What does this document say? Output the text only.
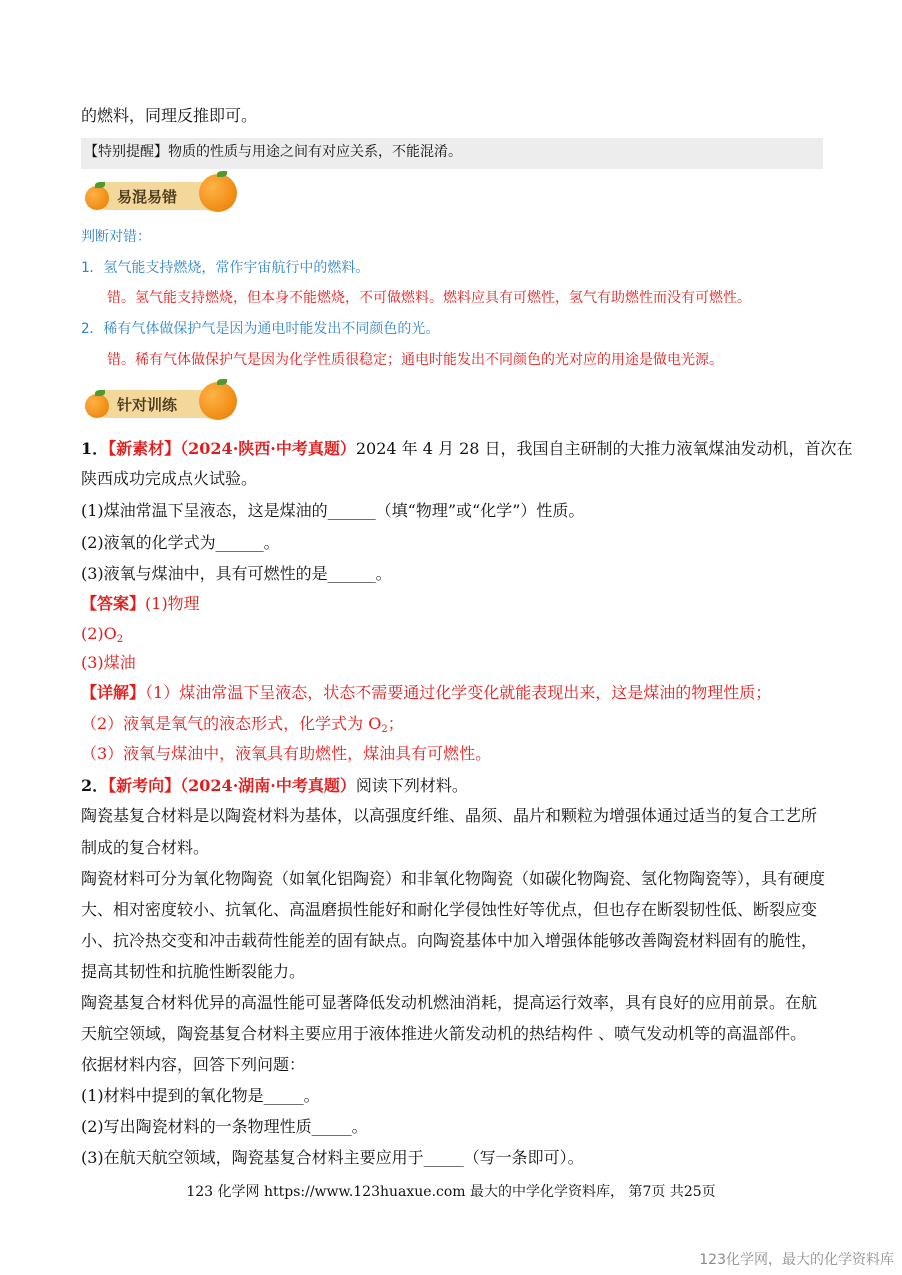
的燃料，同理反推即可。
【特别提醒】物质的性质与用途之间有对应关系，不能混淆。
易混易错
判断对错：
1．氢气能支持燃烧，常作宇宙航行中的燃料。
错。氢气能支持燃烧，但本身不能燃烧，不可做燃料。燃料应具有可燃性，氢气有助燃性而没有可燃性。
2．稀有气体做保护气是因为通电时能发出不同颜色的光。
错。稀有气体做保护气是因为化学性质很稳定；通电时能发出不同颜色的光对应的用途是做电光源。
针对训练
1．【新素材】（2024·陕西·中考真题）2024 年 4 月 28 日，我国自主研制的大推力液氧煤油发动机，首次在
陕西成功完成点火试验。
(1)煤油常温下呈液态，这是煤油的______（填“物理”或“化学”）性质。
(2)液氧的化学式为______。
(3)液氧与煤油中，具有可燃性的是______。
【答案】(1)物理
$(2)O_2$
(3)煤油
【详解】（1）煤油常温下呈液态，状态不需要通过化学变化就能表现出来，这是煤油的物理性质；
（2）液氧是氧气的液态形式，化学式为 $O_2$；
（3）液氧与煤油中，液氧具有助燃性，煤油具有可燃性。
2．【新考向】（2024·湖南·中考真题）阅读下列材料。
陶瓷基复合材料是以陶瓷材料为基体，以高强度纤维、晶须、晶片和颗粒为增强体通过适当的复合工艺所
制成的复合材料。
陶瓷材料可分为氧化物陶瓷（如氧化铝陶瓷）和非氧化物陶瓷（如碳化物陶瓷、氢化物陶瓷等），具有硬度
大、相对密度较小、抗氧化、高温磨损性能好和耐化学侵蚀性好等优点，但也存在断裂韧性低、断裂应变
小、抗冷热交变和冲击载荷性能差的固有缺点。向陶瓷基体中加入增强体能够改善陶瓷材料固有的脆性，
提高其韧性和抗脆性断裂能力。
陶瓷基复合材料优异的高温性能可显著降低发动机燃油消耗，提高运行效率，具有良好的应用前景。在航
天航空领域，陶瓷基复合材料主要应用于液体推进火箭发动机的热结构件 、喷气发动机等的高温部件。
依据材料内容，回答下列问题：
(1)材料中提到的氧化物是_____。
(2)写出陶瓷材料的一条物理性质_____。
(3)在航天航空领域，陶瓷基复合材料主要应用于_____（写一条即可）。
123 化学网 https://www.123huaxue.com 最大的中学化学资料库， 第7页 共25页
123化学网，最大的化学资料库
